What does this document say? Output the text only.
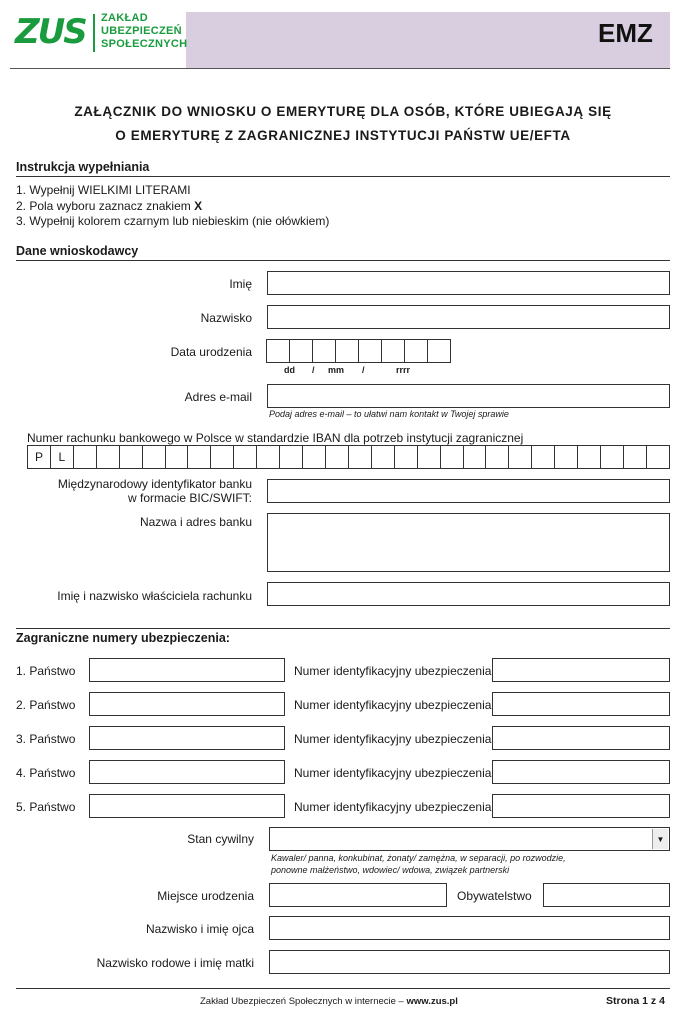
ZUS ZAKŁAD
UBEZPIECZEŃ
SPOŁECZNYCH	EMZ
ZAŁĄCZNIK DO WNIOSKU O EMERYTURĘ DLA OSÓB, KTÓRE UBIEGAJĄ SIĘ
O EMERYTURĘ Z ZAGRANICZNEJ INSTYTUCJI PAŃSTW UE/EFTA
Instrukcja wypełniania
1. Wypełnij WIELKIMI LITERAMI
2. Pola wyboru zaznacz znakiem X
3. Wypełnij kolorem czarnym lub niebieskim (nie ołówkiem)
Dane wnioskodawcy
Imię
Nazwisko
Data urodzenia
dd / mm /	rrrr
Adres e-mail
Podaj adres e-mail – to ułatwi nam kontakt w Twojej sprawie
Numer rachunku bankowego w Polsce w standardzie IBAN dla potrzeb instytucji zagranicznej
P	L
Międzynarodowy identyfikator banku
w formacie BIC/SWIFT:
Nazwa i adres banku
Imię i nazwisko właściciela rachunku
Zagraniczne numery ubezpieczenia:
1. Państwo	Numer identyfikacyjny ubezpieczenia
2. Państwo	Numer identyfikacyjny ubezpieczenia
3. Państwo	Numer identyfikacyjny ubezpieczenia
4. Państwo	Numer identyfikacyjny ubezpieczenia
5. Państwo	Numer identyfikacyjny ubezpieczenia
Stan cywilny	▼
Kawaler/ panna, konkubinat, żonaty/ zamężna, w separacji, po rozwodzie,
ponowne małżeństwo, wdowiec/ wdowa, związek partnerski
Miejsce urodzenia	Obywatelstwo
Nazwisko i imię ojca
Nazwisko rodowe i imię matki
Zakład Ubezpieczeń Społecznych w internecie – www.zus.pl	Strona 1 z 4
